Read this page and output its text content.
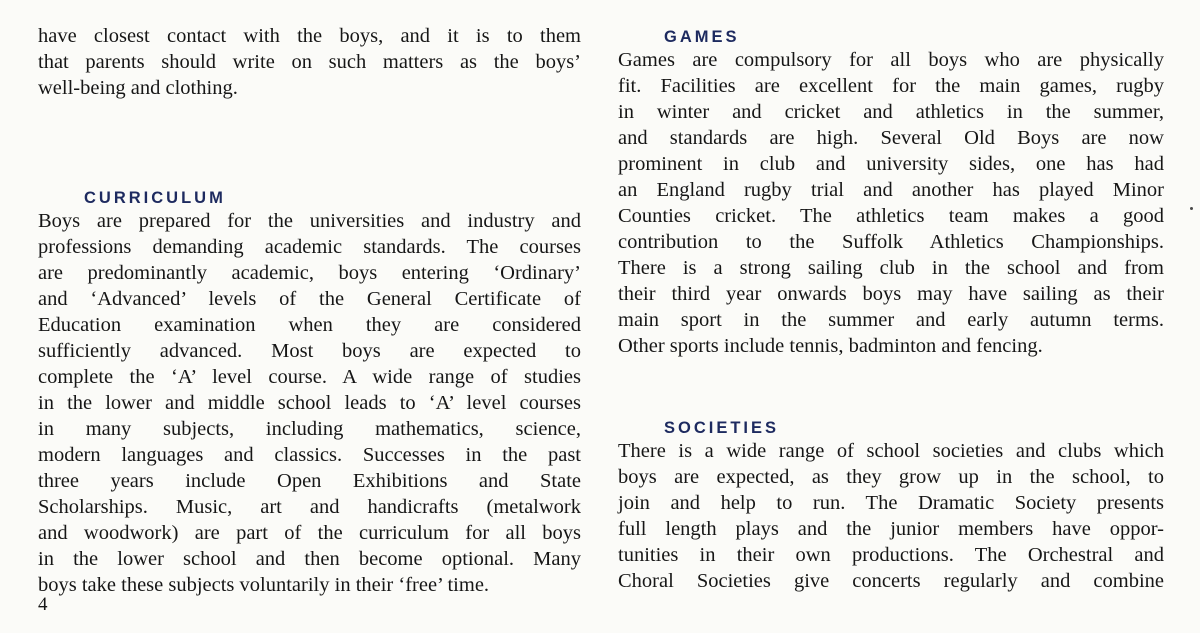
have closest contact with the boys, and it is to them
that parents should write on such matters as the boys’
well-being and clothing.
CURRICULUM
Boys are prepared for the universities and industry and
professions demanding academic standards. The courses
are predominantly academic, boys entering ‘Ordinary’
and ‘Advanced’ levels of the General Certificate of
Education examination when they are considered
sufficiently advanced. Most boys are expected to
complete the ‘A’ level course. A wide range of studies
in the lower and middle school leads to ‘A’ level courses
in many subjects, including mathematics, science,
modern languages and classics. Successes in the past
three years include Open Exhibitions and State
Scholarships. Music, art and handicrafts (metalwork
and woodwork) are part of the curriculum for all boys
in the lower school and then become optional. Many
boys take these subjects voluntarily in their ‘free’ time.
GAMES
Games are compulsory for all boys who are physically
fit. Facilities are excellent for the main games, rugby
in winter and cricket and athletics in the summer,
and standards are high. Several Old Boys are now
prominent in club and university sides, one has had
an England rugby trial and another has played Minor
Counties cricket. The athletics team makes a good
contribution to the Suffolk Athletics Championships.
There is a strong sailing club in the school and from
their third year onwards boys may have sailing as their
main sport in the summer and early autumn terms.
Other sports include tennis, badminton and fencing.
SOCIETIES
There is a wide range of school societies and clubs which
boys are expected, as they grow up in the school, to
join and help to run. The Dramatic Society presents
full length plays and the junior members have oppor-
tunities in their own productions. The Orchestral and
Choral Societies give concerts regularly and combine
4
